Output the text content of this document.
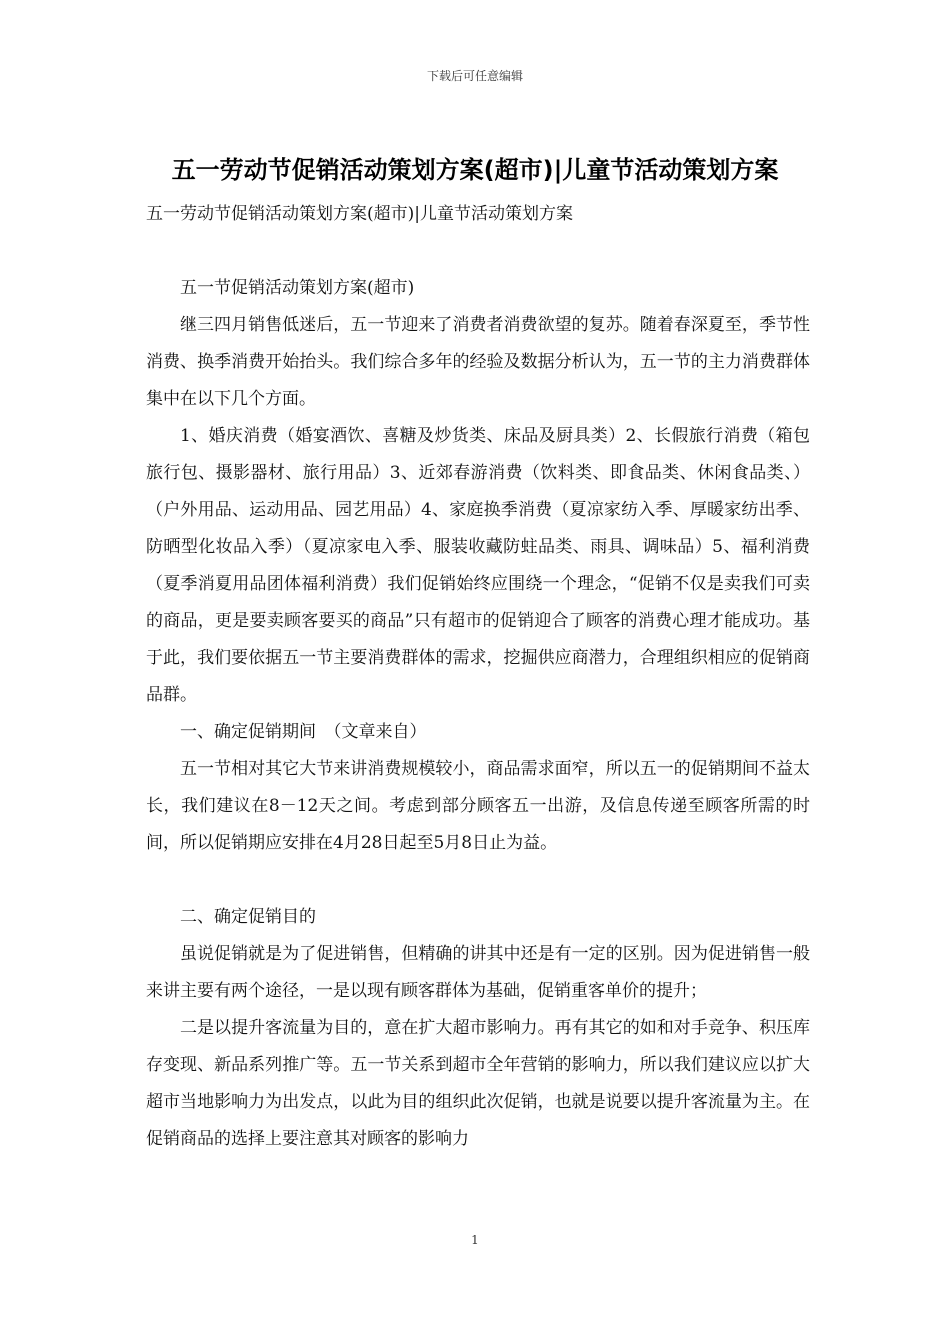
下载后可任意编辑
五一劳动节促销活动策划方案(超市)|儿童节活动策划方案

五一劳动节促销活动策划方案(超市)|儿童节活动策划方案

五一节促销活动策划方案(超市)

继三四月销售低迷后，五一节迎来了消费者消费欲望的复苏。随着春深夏至，季节性消费、换季消费开始抬头。我们综合多年的经验及数据分析认为，五一节的主力消费群体集中在以下几个方面。

1、婚庆消费（婚宴酒饮、喜糖及炒货类、床品及厨具类）2、长假旅行消费（箱包旅行包、摄影器材、旅行用品）3、近郊春游消费（饮料类、即食品类、休闲食品类、）（户外用品、运动用品、园艺用品）4、家庭换季消费（夏凉家纺入季、厚暖家纺出季、防晒型化妆品入季）（夏凉家电入季、服装收藏防蛀品类、雨具、调味品）5、福利消费（夏季消夏用品团体福利消费）我们促销始终应围绕一个理念，“促销不仅是卖我们可卖的商品，更是要卖顾客要买的商品”只有超市的促销迎合了顾客的消费心理才能成功。基于此，我们要依据五一节主要消费群体的需求，挖掘供应商潜力，合理组织相应的促销商品群。

一、确定促销期间　（文章来自）

五一节相对其它大节来讲消费规模较小，商品需求面窄，所以五一的促销期间不益太长，我们建议在8－12天之间。考虑到部分顾客五一出游，及信息传递至顾客所需的时间，所以促销期应安排在4月28日起至5月8日止为益。

二、确定促销目的

虽说促销就是为了促进销售，但精确的讲其中还是有一定的区别。因为促进销售一般来讲主要有两个途径，一是以现有顾客群体为基础，促销重客单价的提升；

二是以提升客流量为目的，意在扩大超市影响力。再有其它的如和对手竞争、积压库存变现、新品系列推广等。五一节关系到超市全年营销的影响力，所以我们建议应以扩大超市当地影响力为出发点，以此为目的组织此次促销，也就是说要以提升客流量为主。在促销商品的选择上要注意其对顾客的影响力

1
